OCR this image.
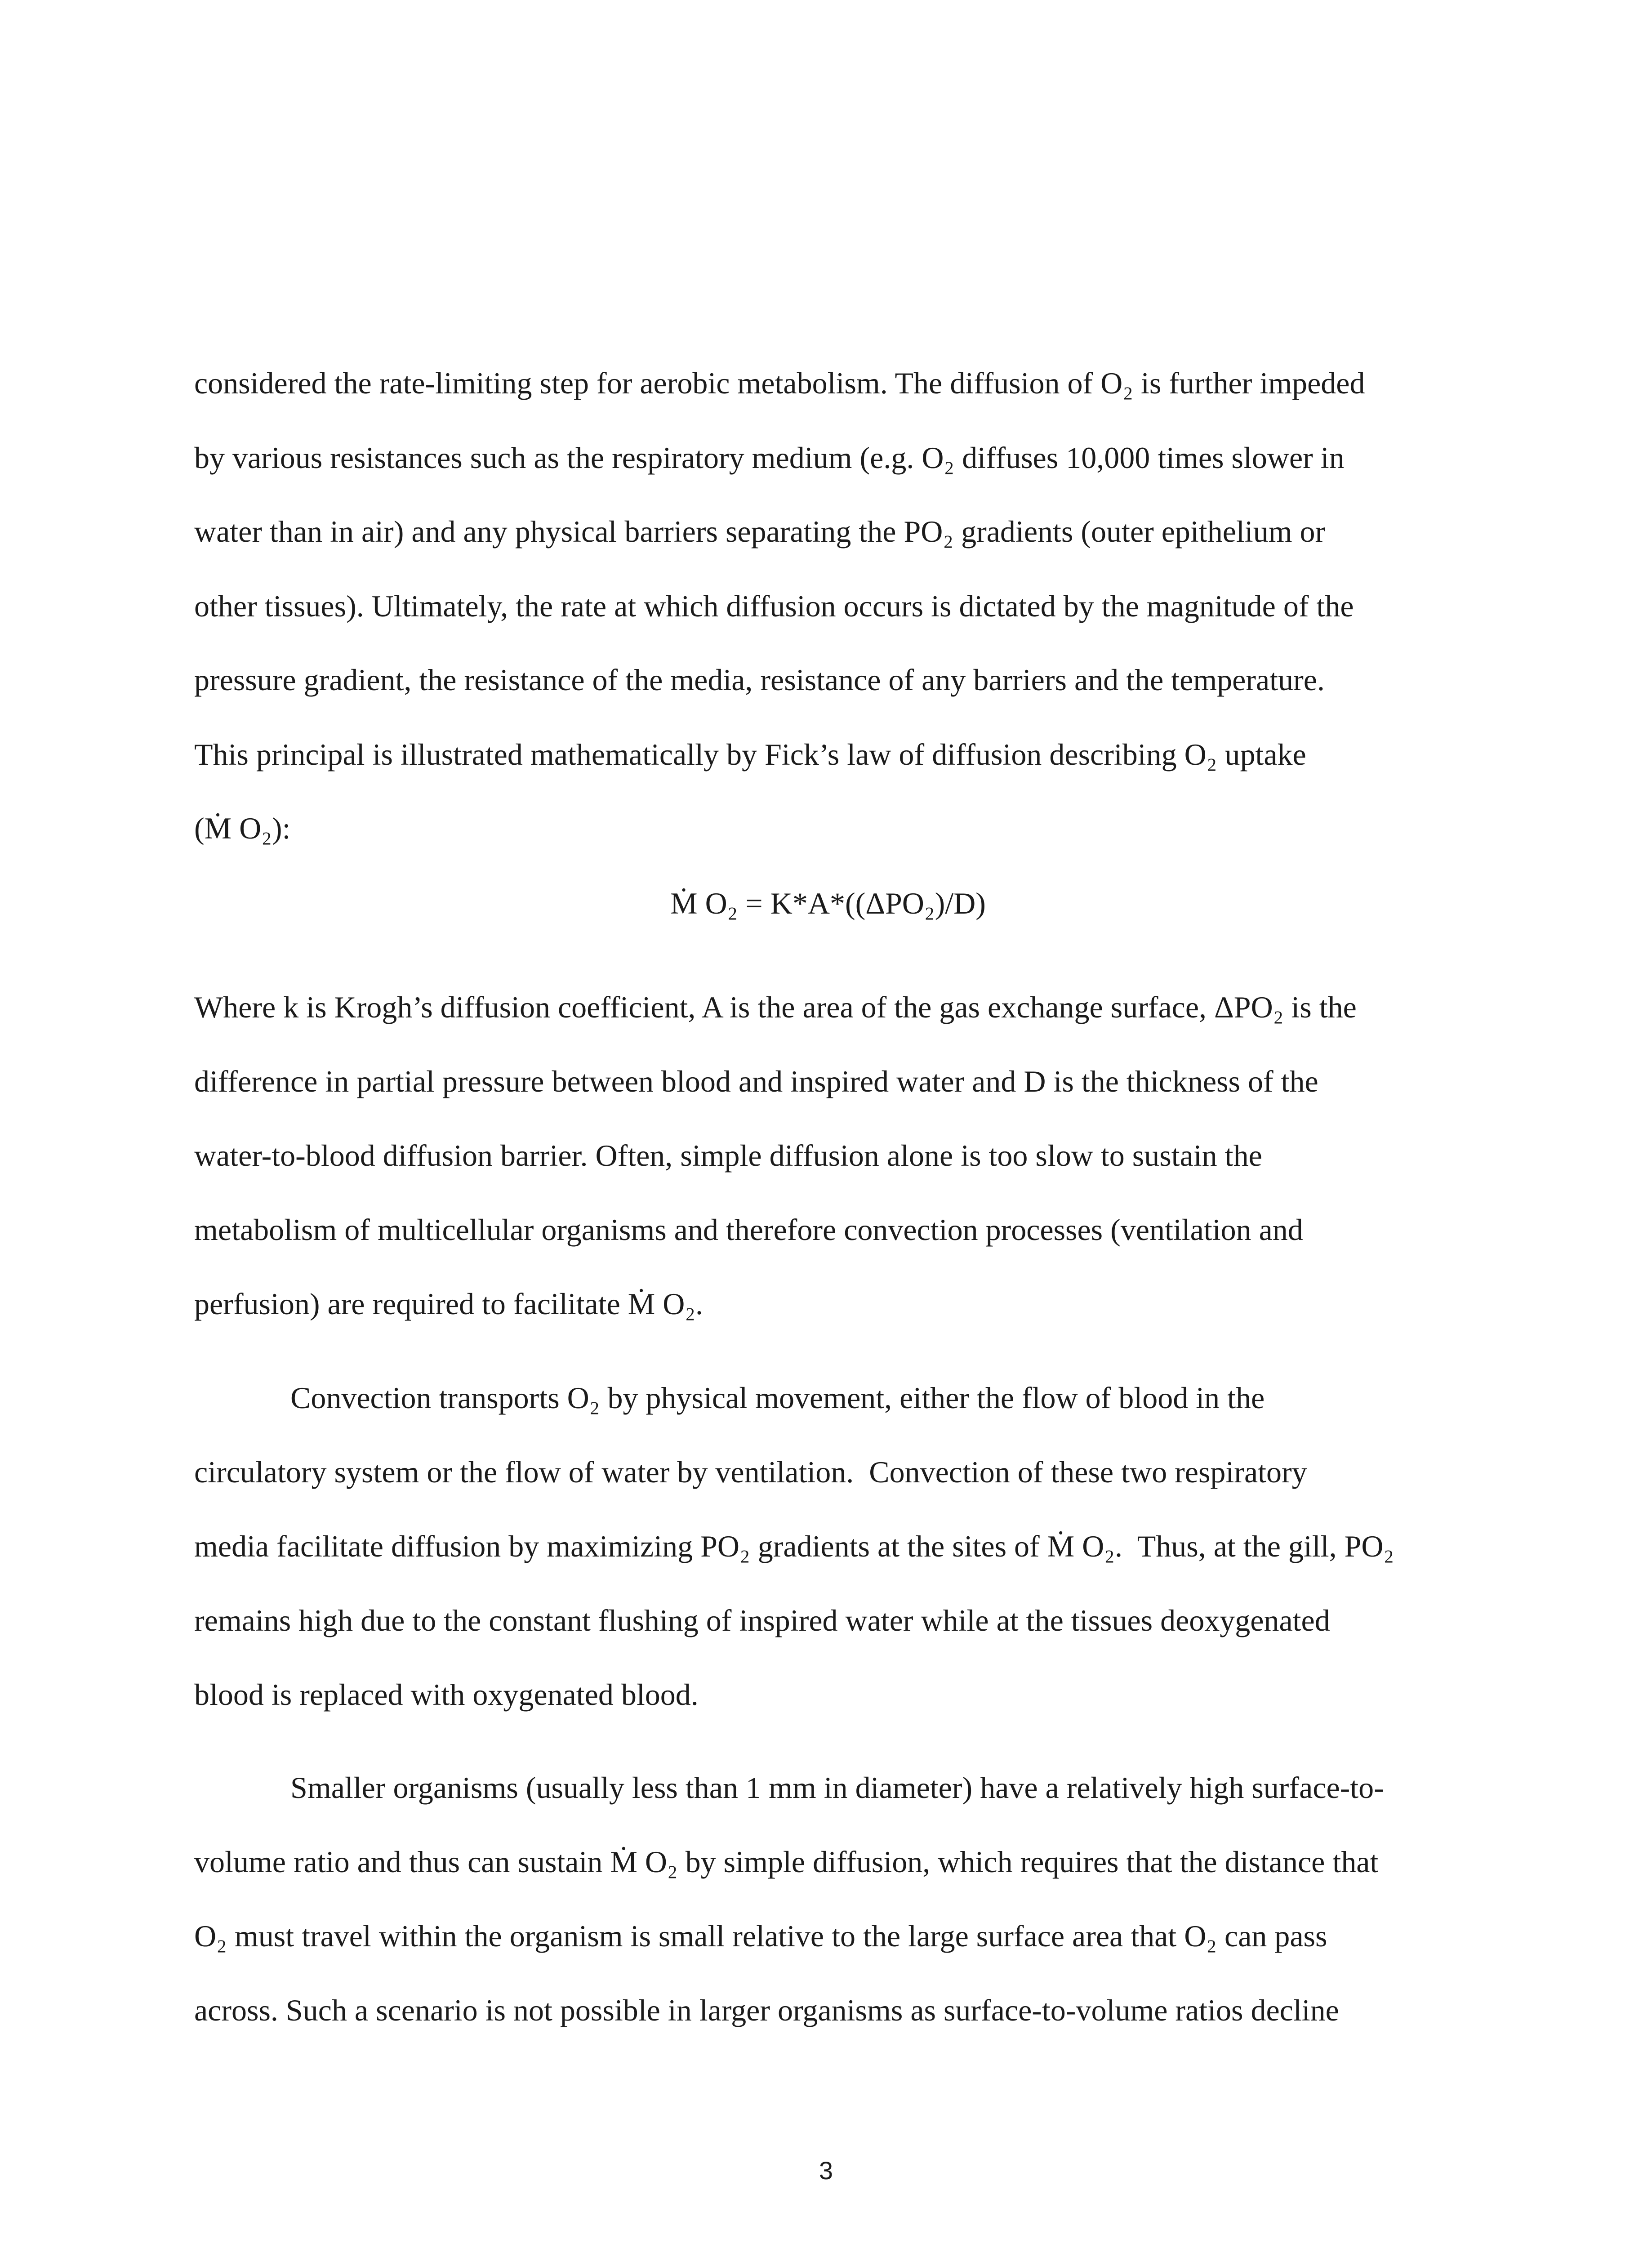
considered the rate-limiting step for aerobic metabolism. The diffusion of O₂ is further impeded
by various resistances such as the respiratory medium (e.g. O₂ diffuses 10,000 times slower in
water than in air) and any physical barriers separating the PO₂ gradients (outer epithelium or
other tissues). Ultimately, the rate at which diffusion occurs is dictated by the magnitude of the
pressure gradient, the resistance of the media, resistance of any barriers and the temperature.
This principal is illustrated mathematically by Fick’s law of diffusion describing O₂ uptake
(Ṁ O₂):
Ṁ O₂ = K*A*((ΔPO₂)/D)
Where k is Krogh’s diffusion coefficient, A is the area of the gas exchange surface, ΔPO₂ is the
difference in partial pressure between blood and inspired water and D is the thickness of the
water-to-blood diffusion barrier. Often, simple diffusion alone is too slow to sustain the
metabolism of multicellular organisms and therefore convection processes (ventilation and
perfusion) are required to facilitate Ṁ O₂.
Convection transports O₂ by physical movement, either the flow of blood in the
circulatory system or the flow of water by ventilation.  Convection of these two respiratory
media facilitate diffusion by maximizing PO₂ gradients at the sites of Ṁ O₂.  Thus, at the gill, PO₂
remains high due to the constant flushing of inspired water while at the tissues deoxygenated
blood is replaced with oxygenated blood.
Smaller organisms (usually less than 1 mm in diameter) have a relatively high surface-to-
volume ratio and thus can sustain Ṁ O₂ by simple diffusion, which requires that the distance that
O₂ must travel within the organism is small relative to the large surface area that O₂ can pass
across. Such a scenario is not possible in larger organisms as surface-to-volume ratios decline
3
